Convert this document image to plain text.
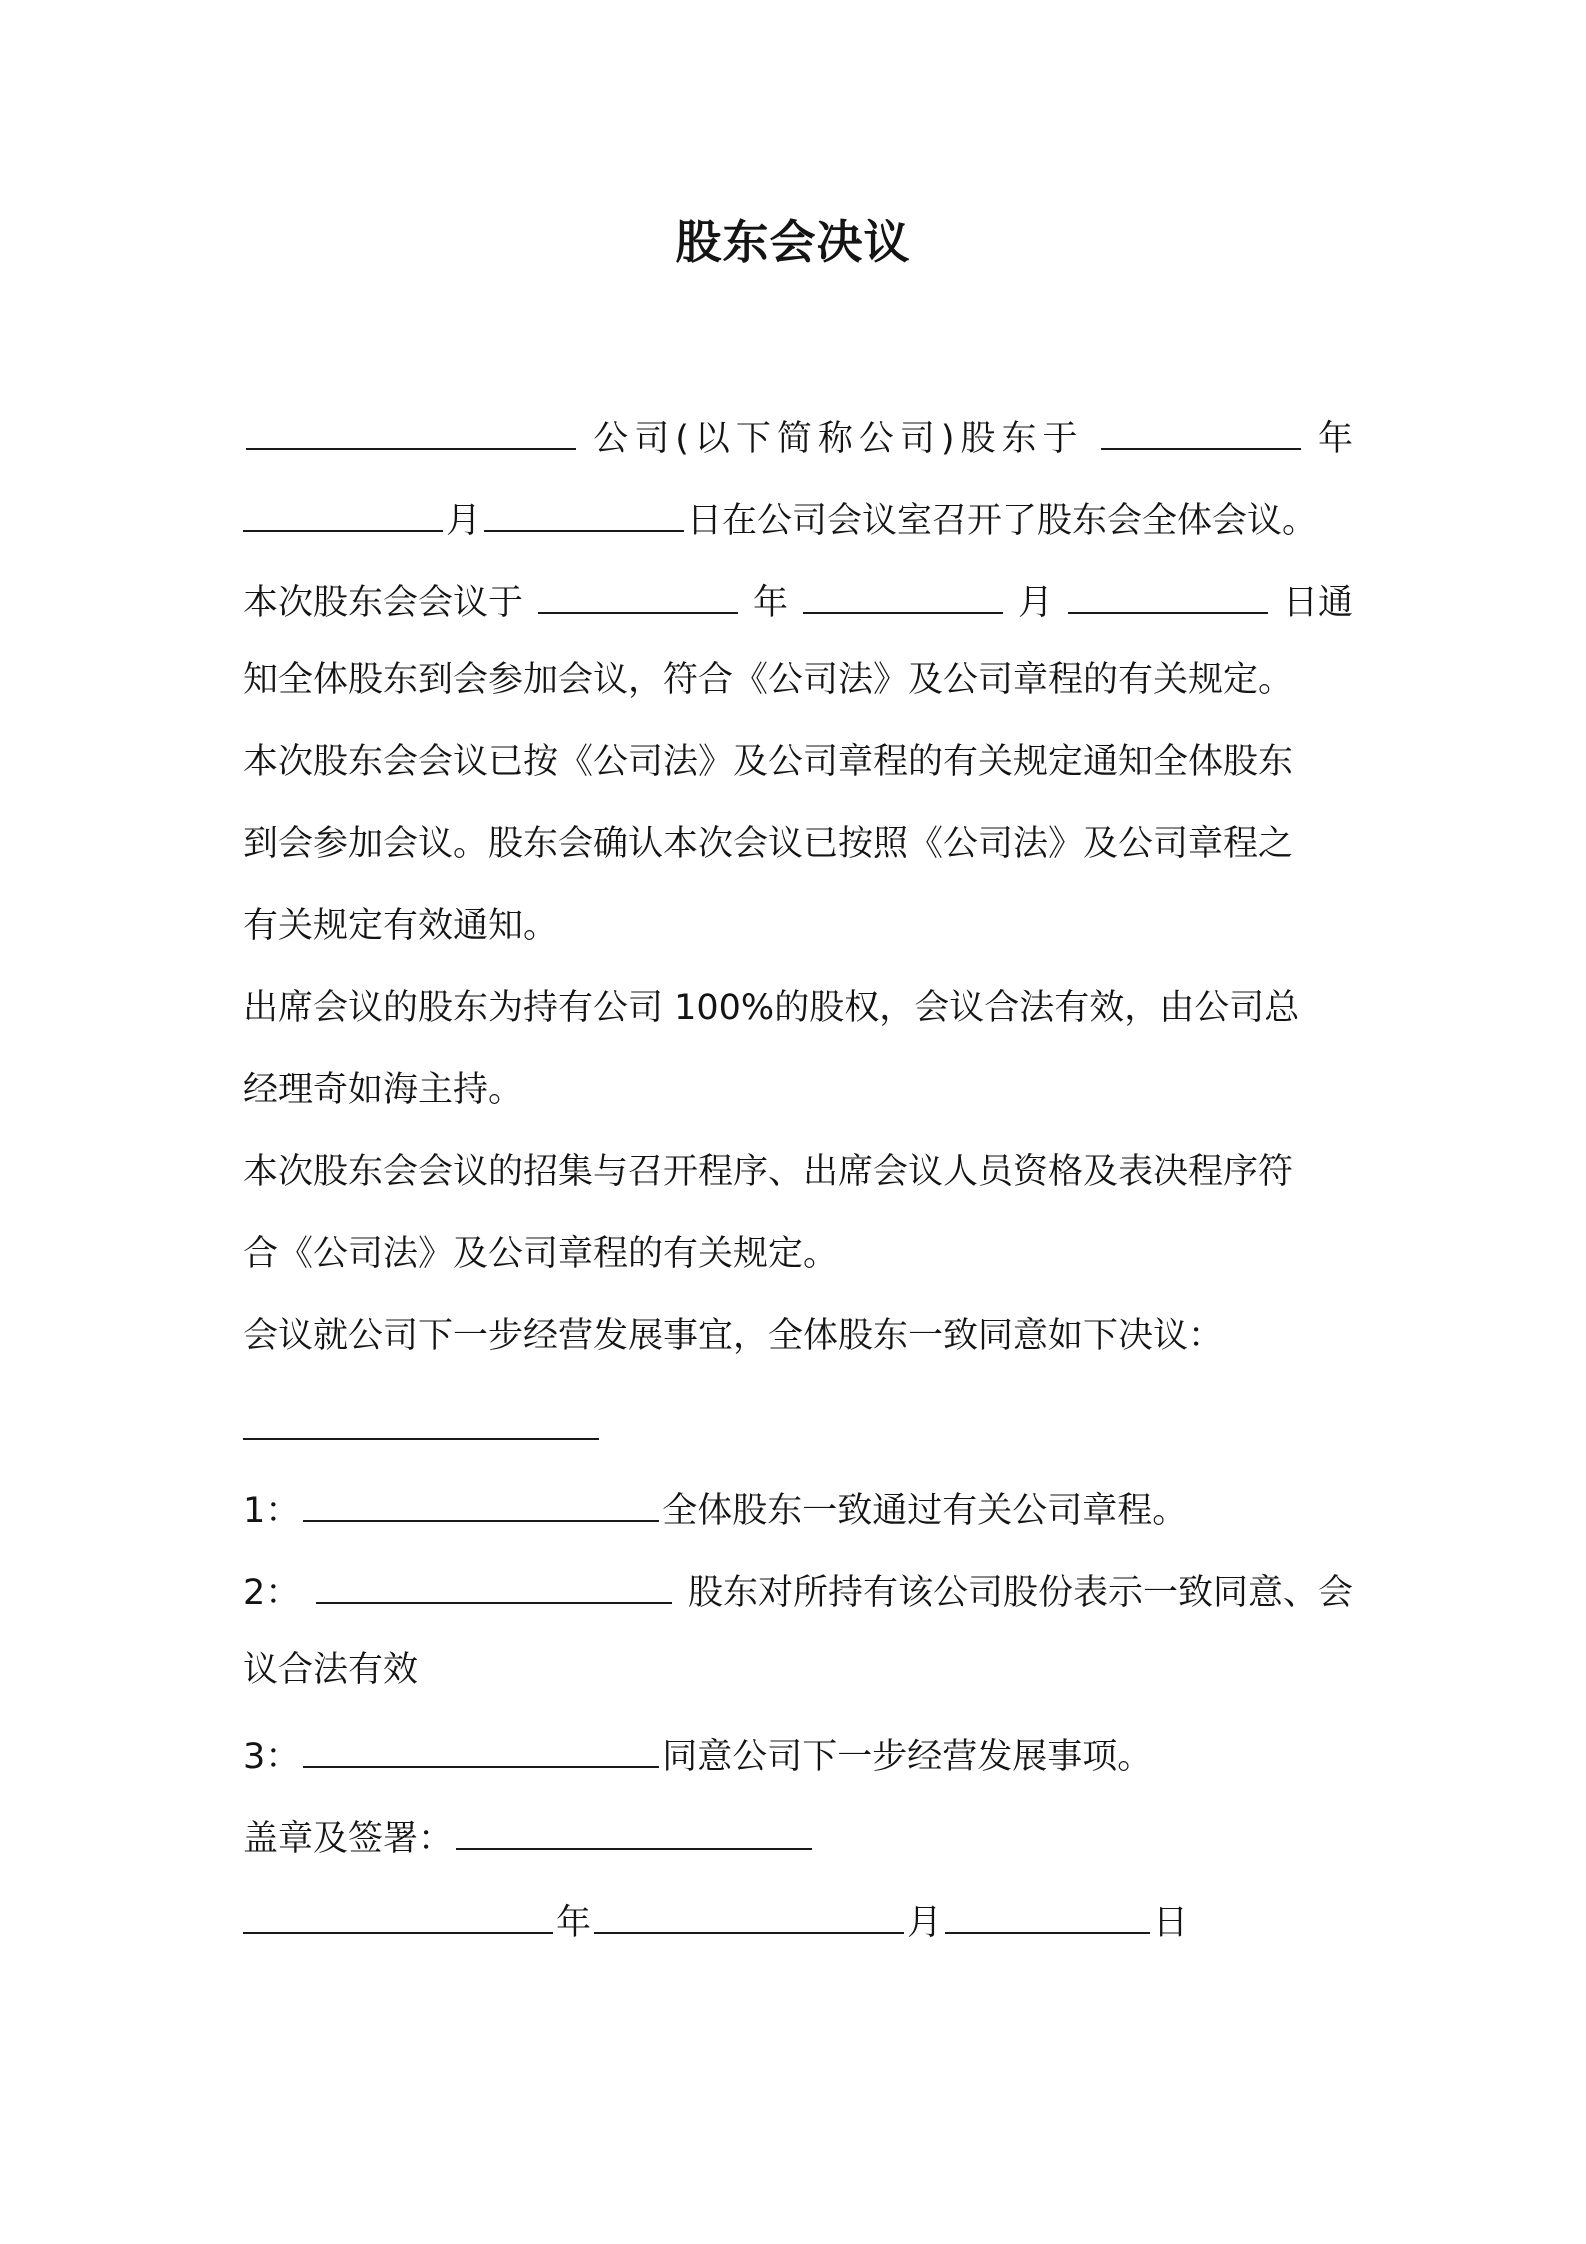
股东会决议
公司(以下简称公司)股东于	年
月	日在公司会议室召开了股东会全体会议。
本次股东会会议于	年	月	日通
知全体股东到会参加会议，符合《公司法》及公司章程的有关规定。
本次股东会会议已按《公司法》及公司章程的有关规定通知全体股东
到会参加会议。股东会确认本次会议已按照《公司法》及公司章程之
有关规定有效通知。
出席会议的股东为持有公司 100%的股权，会议合法有效，由公司总
经理奇如海主持。
本次股东会会议的招集与召开程序、出席会议人员资格及表决程序符
合《公司法》及公司章程的有关规定。
会议就公司下一步经营发展事宜，全体股东一致同意如下决议：
1：	全体股东一致通过有关公司章程。
2：	股东对所持有该公司股份表示一致同意、会
议合法有效
3：	同意公司下一步经营发展事项。
盖章及签署：
年	月	日
